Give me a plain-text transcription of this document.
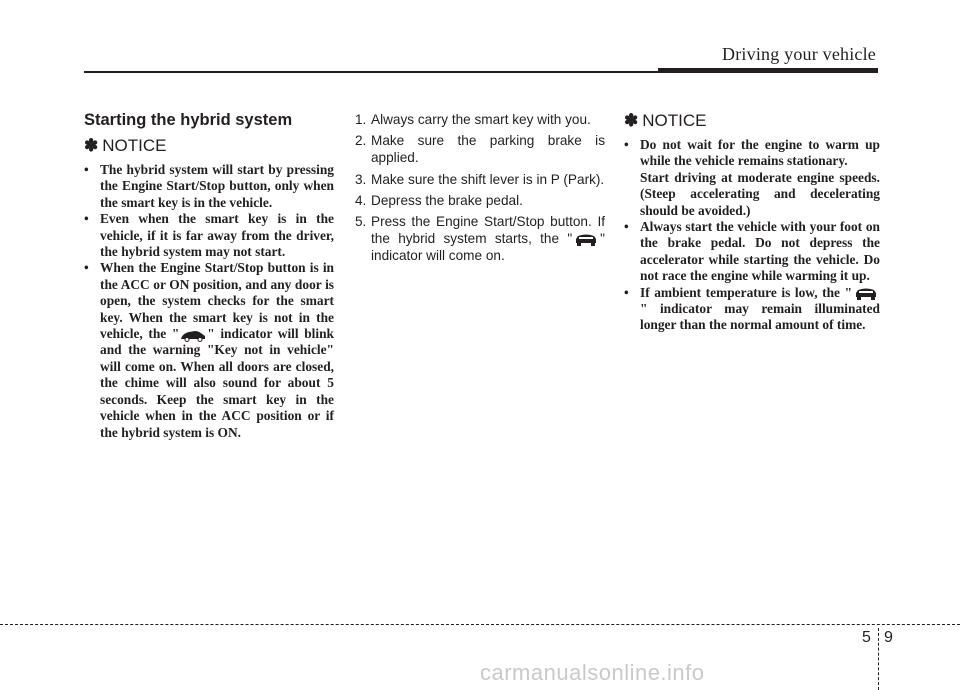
Driving your vehicle
Starting the hybrid system
✽ NOTICE
• The hybrid system will start by pressing the Engine Start/Stop button, only when the smart key is in the vehicle.
• Even when the smart key is in the vehicle, if it is far away from the driver, the hybrid system may not start.
• When the Engine Start/Stop button is in the ACC or ON position, and any door is open, the system checks for the smart key. When the smart key is not in the vehicle, the " " indicator will blink and the warning "Key not in vehicle" will come on. When all doors are closed, the chime will also sound for about 5 seconds. Keep the smart key in the vehicle when in the ACC position or if the hybrid system is ON.
1. Always carry the smart key with you.
2. Make sure the parking brake is applied.
3. Make sure the shift lever is in P (Park).
4. Depress the brake pedal.
5. Press the Engine Start/Stop button. If the hybrid system starts, the " " indicator will come on.
✽ NOTICE
• Do not wait for the engine to warm up while the vehicle remains stationary.
Start driving at moderate engine speeds. (Steep accelerating and decelerating should be avoided.)
• Always start the vehicle with your foot on the brake pedal. Do not depress the accelerator while starting the vehicle. Do not race the engine while warming it up.
• If ambient temperature is low, the "" indicator may remain illuminated longer than the normal amount of time.
5 9
carmanualsonline.info
